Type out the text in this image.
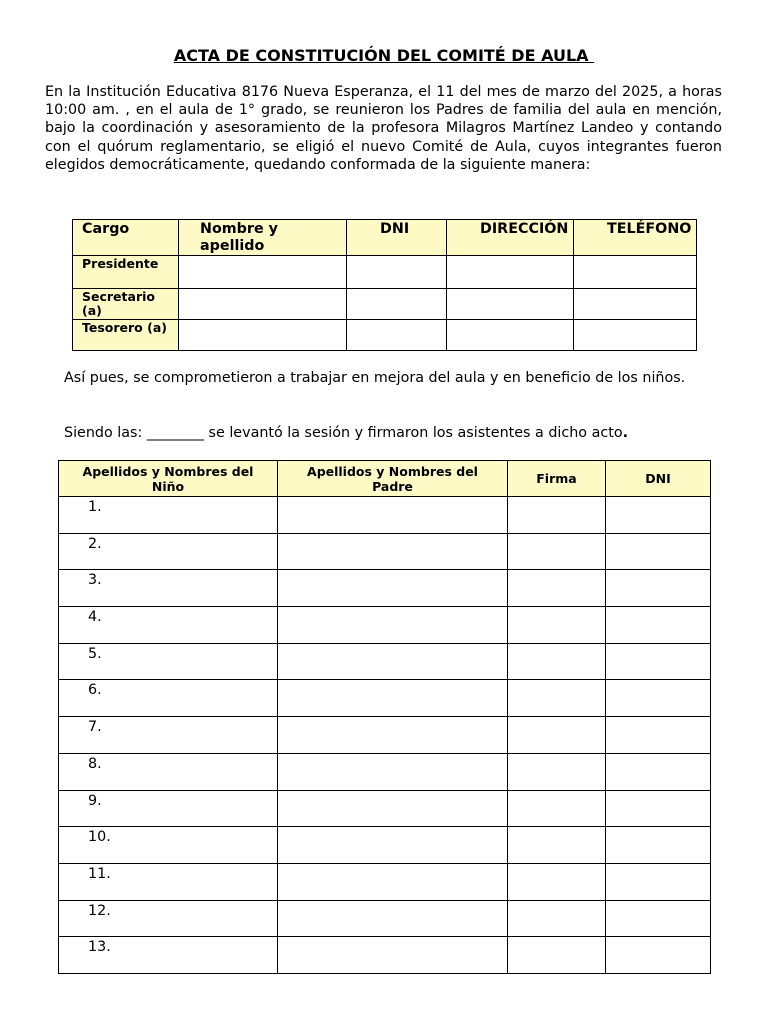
ACTA DE CONSTITUCIÓN DEL COMITÉ DE AULA

En la Institución Educativa 8176 Nueva Esperanza, el 11 del mes de marzo del 2025, a horas 10:00 am. , en el aula de 1° grado, se reunieron los Padres de familia del aula en mención, bajo la coordinación y asesoramiento de la profesora Milagros Martínez Landeo y contando con el quórum reglamentario, se eligió el nuevo Comité de Aula, cuyos integrantes fueron elegidos democráticamente, quedando conformada de la siguiente manera:

Cargo	Nombre y apellido	DNI	DIRECCIÓN	TELÉFONO

Presidente				

Secretario (a)				

Tesorero (a)				

Así pues, se comprometieron a trabajar en mejora del aula y en beneficio de los niños.

Siendo las: ________ se levantó la sesión y firmaron los asistentes a dicho acto.

Apellidos y Nombres del Niño	Apellidos y Nombres del Padre	Firma	DNI

1.			

2.			

3.			

4.			

5.			

6.			

7.			

8.			

9.			

10.			

11.			

12.			

13.			
